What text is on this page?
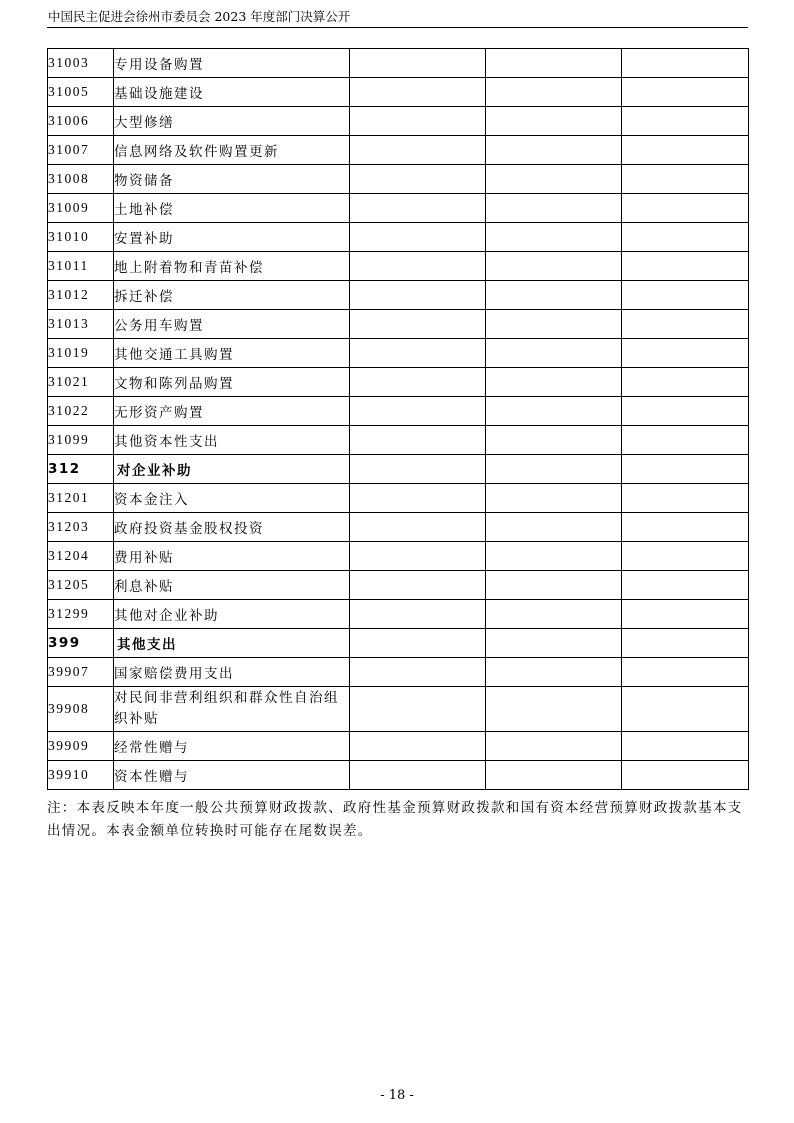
中国民主促进会徐州市委员会 2023 年度部门决算公开
31003	专用设备购置			
31005	基础设施建设			
31006	大型修缮			
31007	信息网络及软件购置更新			
31008	物资储备			
31009	土地补偿			
31010	安置补助			
31011	地上附着物和青苗补偿			
31012	拆迁补偿			
31013	公务用车购置			
31019	其他交通工具购置			
31021	文物和陈列品购置			
31022	无形资产购置			
31099	其他资本性支出			
312	对企业补助			
31201	资本金注入			
31203	政府投资基金股权投资			
31204	费用补贴			
31205	利息补贴			
31299	其他对企业补助			
399	其他支出			
39907	国家赔偿费用支出			
39908	对民间非营利组织和群众性自治组织补贴			
39909	经常性赠与			
39910	资本性赠与			
注：本表反映本年度一般公共预算财政拨款、政府性基金预算财政拨款和国有资本经营预算财政拨款基本支出情况。本表金额单位转换时可能存在尾数误差。
- 18 -
